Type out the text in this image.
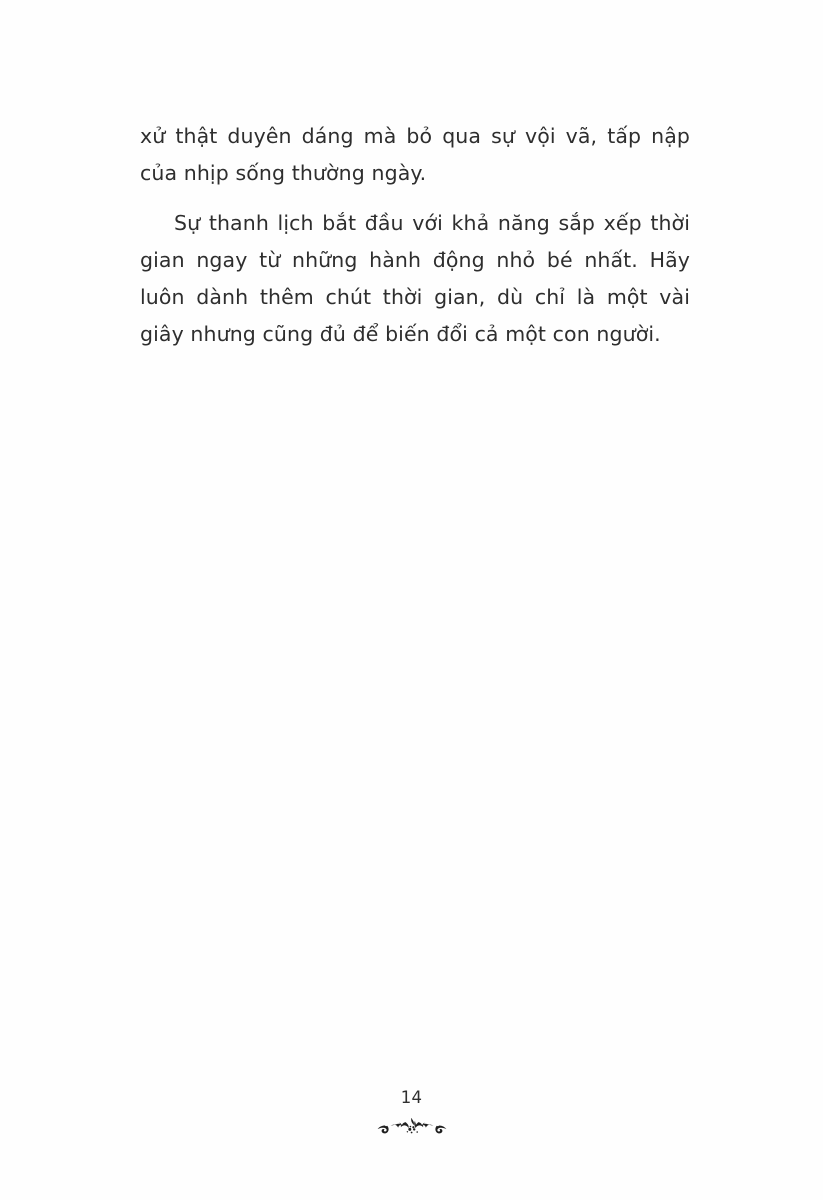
xử thật duyên dáng mà bỏ qua sự vội vã, tấp nập của nhịp sống thường ngày.

Sự thanh lịch bắt đầu với khả năng sắp xếp thời gian ngay từ những hành động nhỏ bé nhất. Hãy luôn dành thêm chút thời gian, dù chỉ là một vài giây nhưng cũng đủ để biến đổi cả một con người.

14
